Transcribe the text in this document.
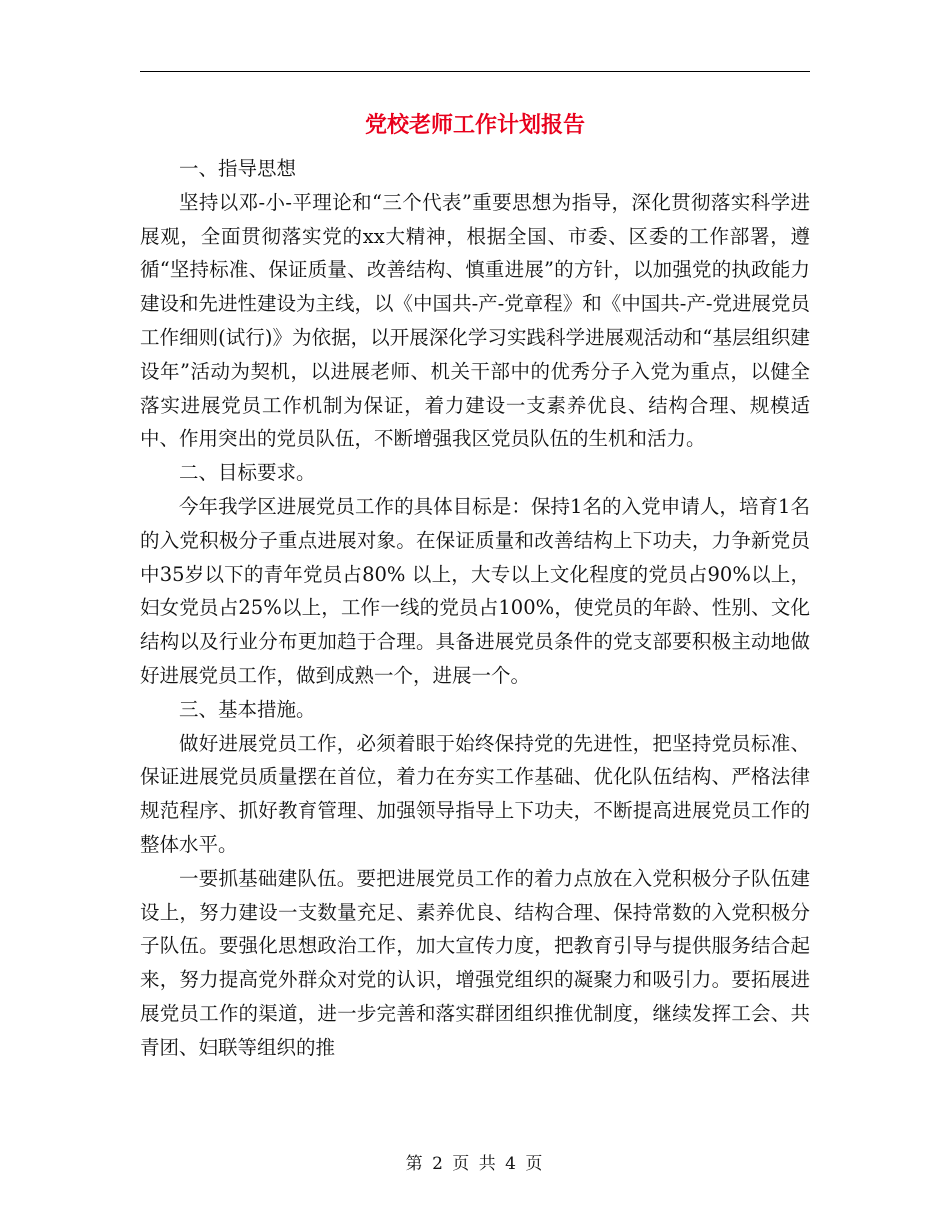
党校老师工作计划报告

一、指导思想

坚持以邓-小-平理论和“三个代表”重要思想为指导，深化贯彻落实科学进展观，全面贯彻落实党的xx大精神，根据全国、市委、区委的工作部署，遵循“坚持标准、保证质量、改善结构、慎重进展”的方针，以加强党的执政能力建设和先进性建设为主线，以《中国共-产-党章程》和《中国共-产-党进展党员工作细则(试行)》为依据，以开展深化学习实践科学进展观活动和“基层组织建设年”活动为契机，以进展老师、机关干部中的优秀分子入党为重点，以健全落实进展党员工作机制为保证，着力建设一支素养优良、结构合理、规模适中、作用突出的党员队伍，不断增强我区党员队伍的生机和活力。

二、目标要求。

今年我学区进展党员工作的具体目标是：保持1名的入党申请人，培育1名的入党积极分子重点进展对象。在保证质量和改善结构上下功夫，力争新党员中35岁以下的青年党员占80% 以上，大专以上文化程度的党员占90%以上，妇女党员占25%以上，工作一线的党员占100%，使党员的年龄、性别、文化结构以及行业分布更加趋于合理。具备进展党员条件的党支部要积极主动地做好进展党员工作，做到成熟一个，进展一个。

三、基本措施。

做好进展党员工作，必须着眼于始终保持党的先进性，把坚持党员标准、保证进展党员质量摆在首位，着力在夯实工作基础、优化队伍结构、严格法律规范程序、抓好教育管理、加强领导指导上下功夫，不断提高进展党员工作的整体水平。

一要抓基础建队伍。要把进展党员工作的着力点放在入党积极分子队伍建设上，努力建设一支数量充足、素养优良、结构合理、保持常数的入党积极分子队伍。要强化思想政治工作，加大宣传力度，把教育引导与提供服务结合起来，努力提高党外群众对党的认识，增强党组织的凝聚力和吸引力。要拓展进展党员工作的渠道，进一步完善和落实群团组织推优制度，继续发挥工会、共青团、妇联等组织的推

第 2 页 共 4 页
